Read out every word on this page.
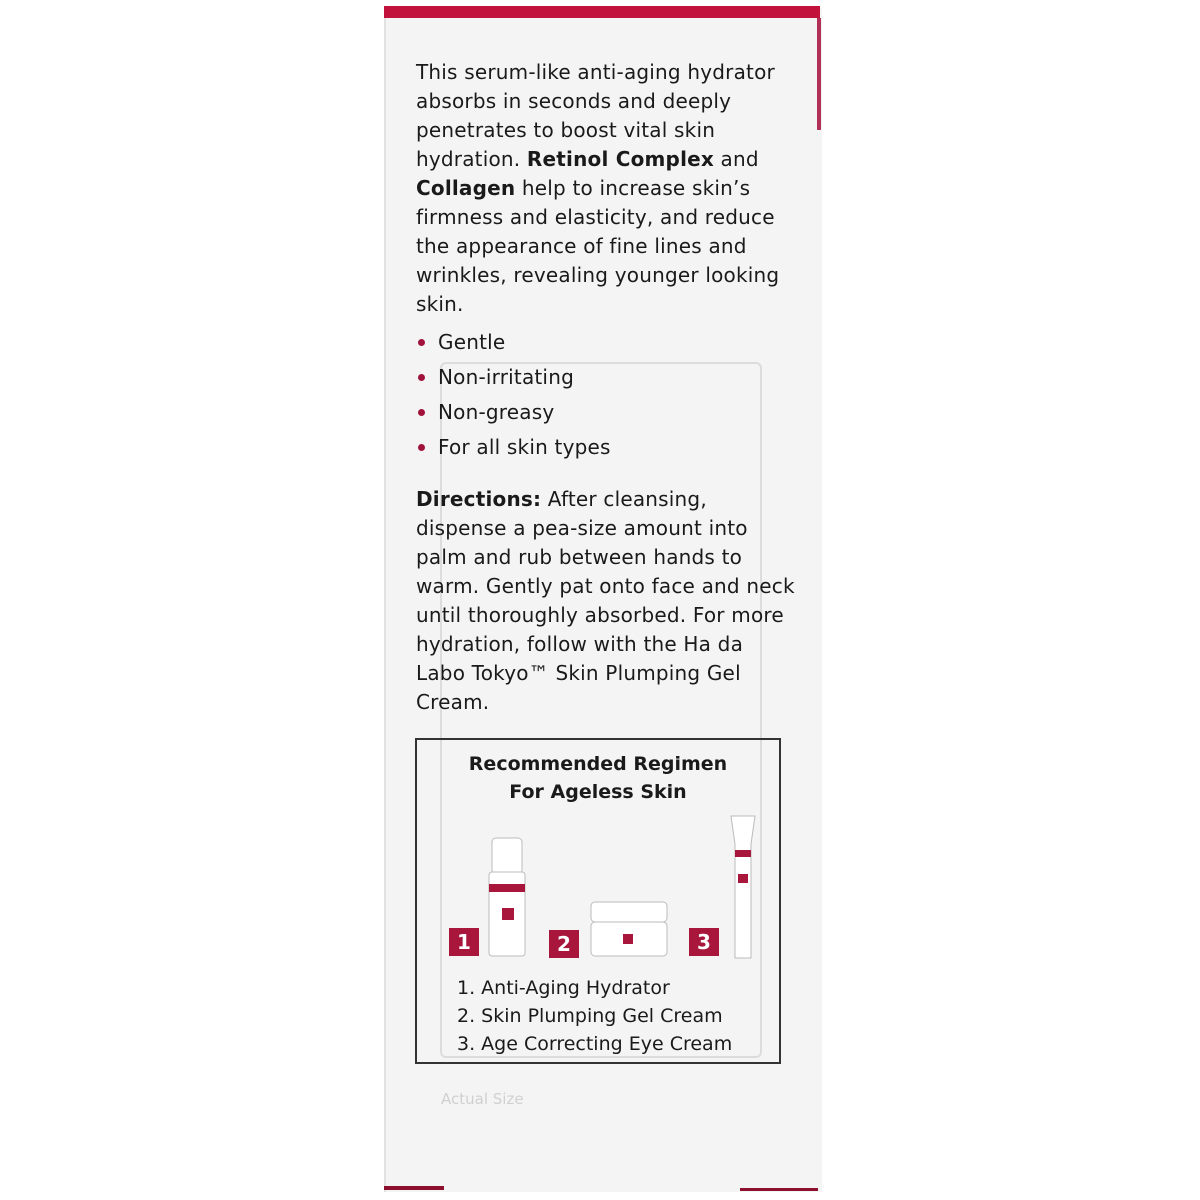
Actual Size

This serum-like anti-aging hydrator absorbs in seconds and deeply penetrates to boost vital skin hydration. Retinol Complex and Collagen help to increase skin’s firmness and elasticity, and reduce the appearance of fine lines and wrinkles, revealing younger looking skin.

Gentle
Non-irritating
Non-greasy
For all skin types

Directions: After cleansing, dispense a pea-size amount into palm and rub between hands to warm. Gently pat onto face and neck until thoroughly absorbed. For more hydration, follow with the Ha da Labo Tokyo™ Skin Plumping Gel Cream.

Recommended Regimen
For Ageless Skin
1	2	3
1. Anti-Aging Hydrator
2. Skin Plumping Gel Cream
3. Age Correcting Eye Cream
